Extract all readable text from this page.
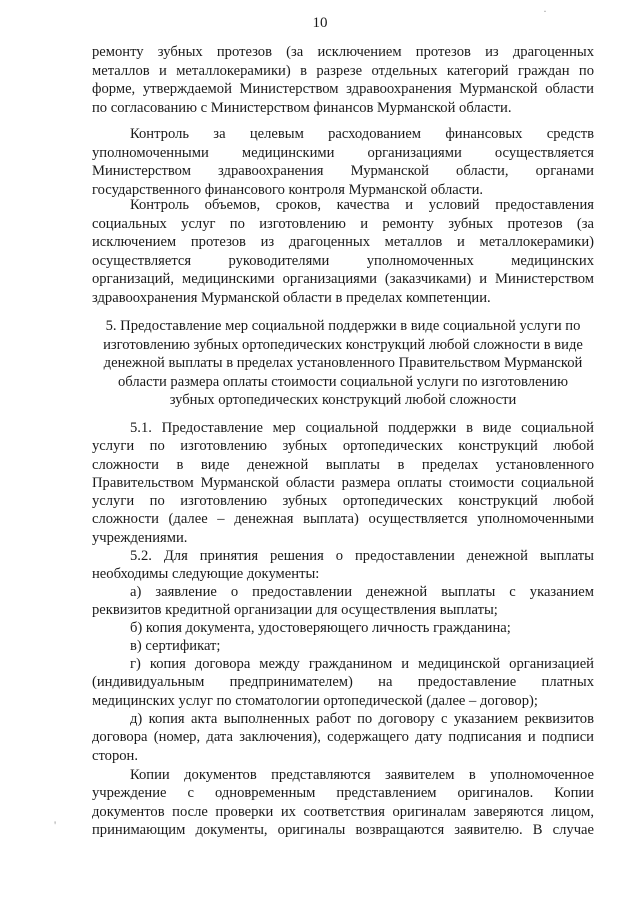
10
ремонту зубных протезов (за исключением протезов из драгоценных
металлов и металлокерамики) в разрезе отдельных категорий граждан по
форме, утверждаемой Министерством здравоохранения Мурманской области
по согласованию с Министерством финансов Мурманской области.
Контроль за целевым расходованием финансовых средств
уполномоченными медицинскими организациями осуществляется
Министерством здравоохранения Мурманской области, органами
государственного финансового контроля Мурманской области.
Контроль объемов, сроков, качества и условий предоставления
социальных услуг по изготовлению и ремонту зубных протезов (за
исключением протезов из драгоценных металлов и металлокерамики)
осуществляется руководителями уполномоченных медицинских
организаций, медицинскими организациями (заказчиками) и Министерством
здравоохранения Мурманской области в пределах компетенции.
5. Предоставление мер социальной поддержки в виде социальной услуги по
изготовлению зубных ортопедических конструкций любой сложности в виде
денежной выплаты в пределах установленного Правительством Мурманской
области размера оплаты стоимости социальной услуги по изготовлению
зубных ортопедических конструкций любой сложности
5.1. Предоставление мер социальной поддержки в виде социальной
услуги по изготовлению зубных ортопедических конструкций любой
сложности в виде денежной выплаты в пределах установленного
Правительством Мурманской области размера оплаты стоимости социальной
услуги по изготовлению зубных ортопедических конструкций любой
сложности (далее – денежная выплата) осуществляется уполномоченными
учреждениями.
5.2. Для принятия решения о предоставлении денежной выплаты
необходимы следующие документы:
а) заявление о предоставлении денежной выплаты с указанием
реквизитов кредитной организации для осуществления выплаты;
б) копия документа, удостоверяющего личность гражданина;
в) сертификат;
г) копия договора между гражданином и медицинской организацией
(индивидуальным предпринимателем) на предоставление платных
медицинских услуг по стоматологии ортопедической (далее – договор);
д) копия акта выполненных работ по договору с указанием реквизитов
договора (номер, дата заключения), содержащего дату подписания и подписи
сторон.
Копии документов представляются заявителем в уполномоченное
учреждение с одновременным представлением оригиналов. Копии
документов после проверки их соответствия оригиналам заверяются лицом,
принимающим документы, оригиналы возвращаются заявителю. В случае
·
'
